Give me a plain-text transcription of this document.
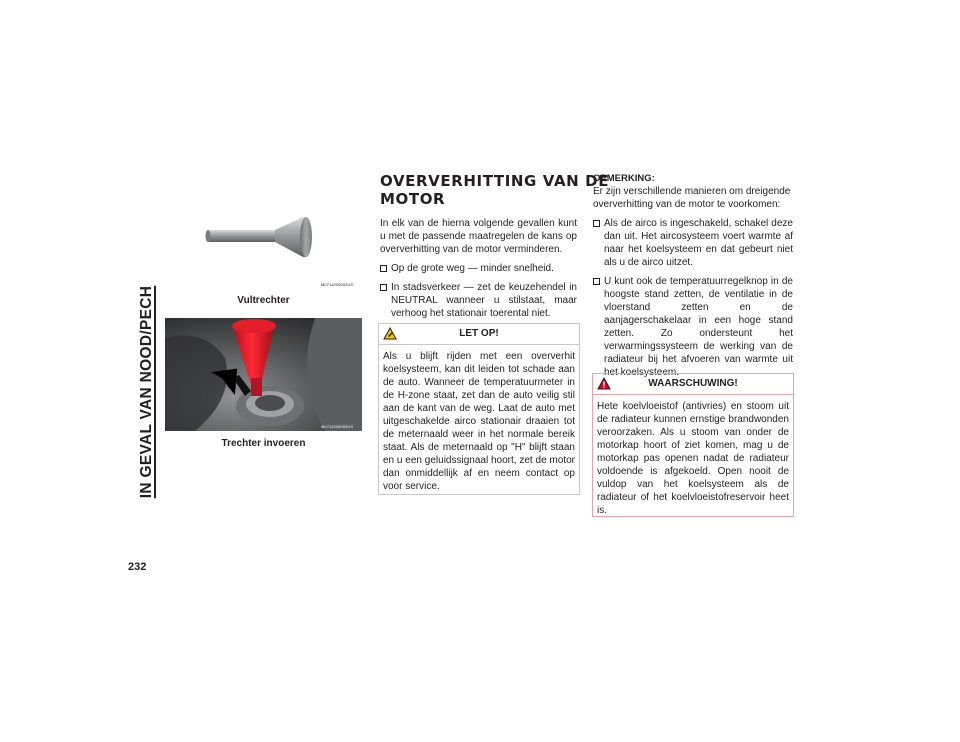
IN GEVAL VAN NOOD/PECH
232
M0711000002US
Vultrechter
M0711000003US
Trechter invoeren
OVERVERHITTING VAN DE
MOTOR

In elk van de hierna volgende gevallen kunt u met de passende maatregelen de kans op oververhitting van de motor verminderen.

Op de grote weg — minder snelheid.
In stadsverkeer — zet de keuzehendel in NEUTRAL wanneer u stilstaat, maar verhoog het stationair toerental niet.
LET OP!
Als u blijft rijden met een oververhit koelsysteem, kan dit leiden tot schade aan de auto. Wanneer de temperatuurmeter in de H-zone staat, zet dan de auto veilig stil aan de kant van de weg. Laat de auto met uitgeschakelde airco stationair draaien tot de meternaald weer in het normale bereik staat. Als de meternaald op "H" blijft staan en u een geluidssignaal hoort, zet de motor dan onmiddellijk af en neem contact op voor service.
OPMERKING:

Er zijn verschillende manieren om dreigende oververhitting van de motor te voorkomen:

Als de airco is ingeschakeld, schakel deze dan uit. Het aircosysteem voert warmte af naar het koelsysteem en dat gebeurt niet als u de airco uitzet.
U kunt ook de temperatuurregelknop in de hoogste stand zetten, de ventilatie in de vloerstand zetten en de aanjagerschakelaar in een hoge stand zetten. Zo ondersteunt het verwarmingssysteem de werking van de radiateur bij het afvoeren van warmte uit het koelsysteem.
WAARSCHUWING!
Hete koelvloeistof (antivries) en stoom uit de radiateur kunnen ernstige brandwonden veroorzaken. Als u stoom van onder de motorkap hoort of ziet komen, mag u de motorkap pas openen nadat de radiateur voldoende is afgekoeld. Open nooit de vuldop van het koelsysteem als de radiateur of het koelvloeistofreservoir heet is.
